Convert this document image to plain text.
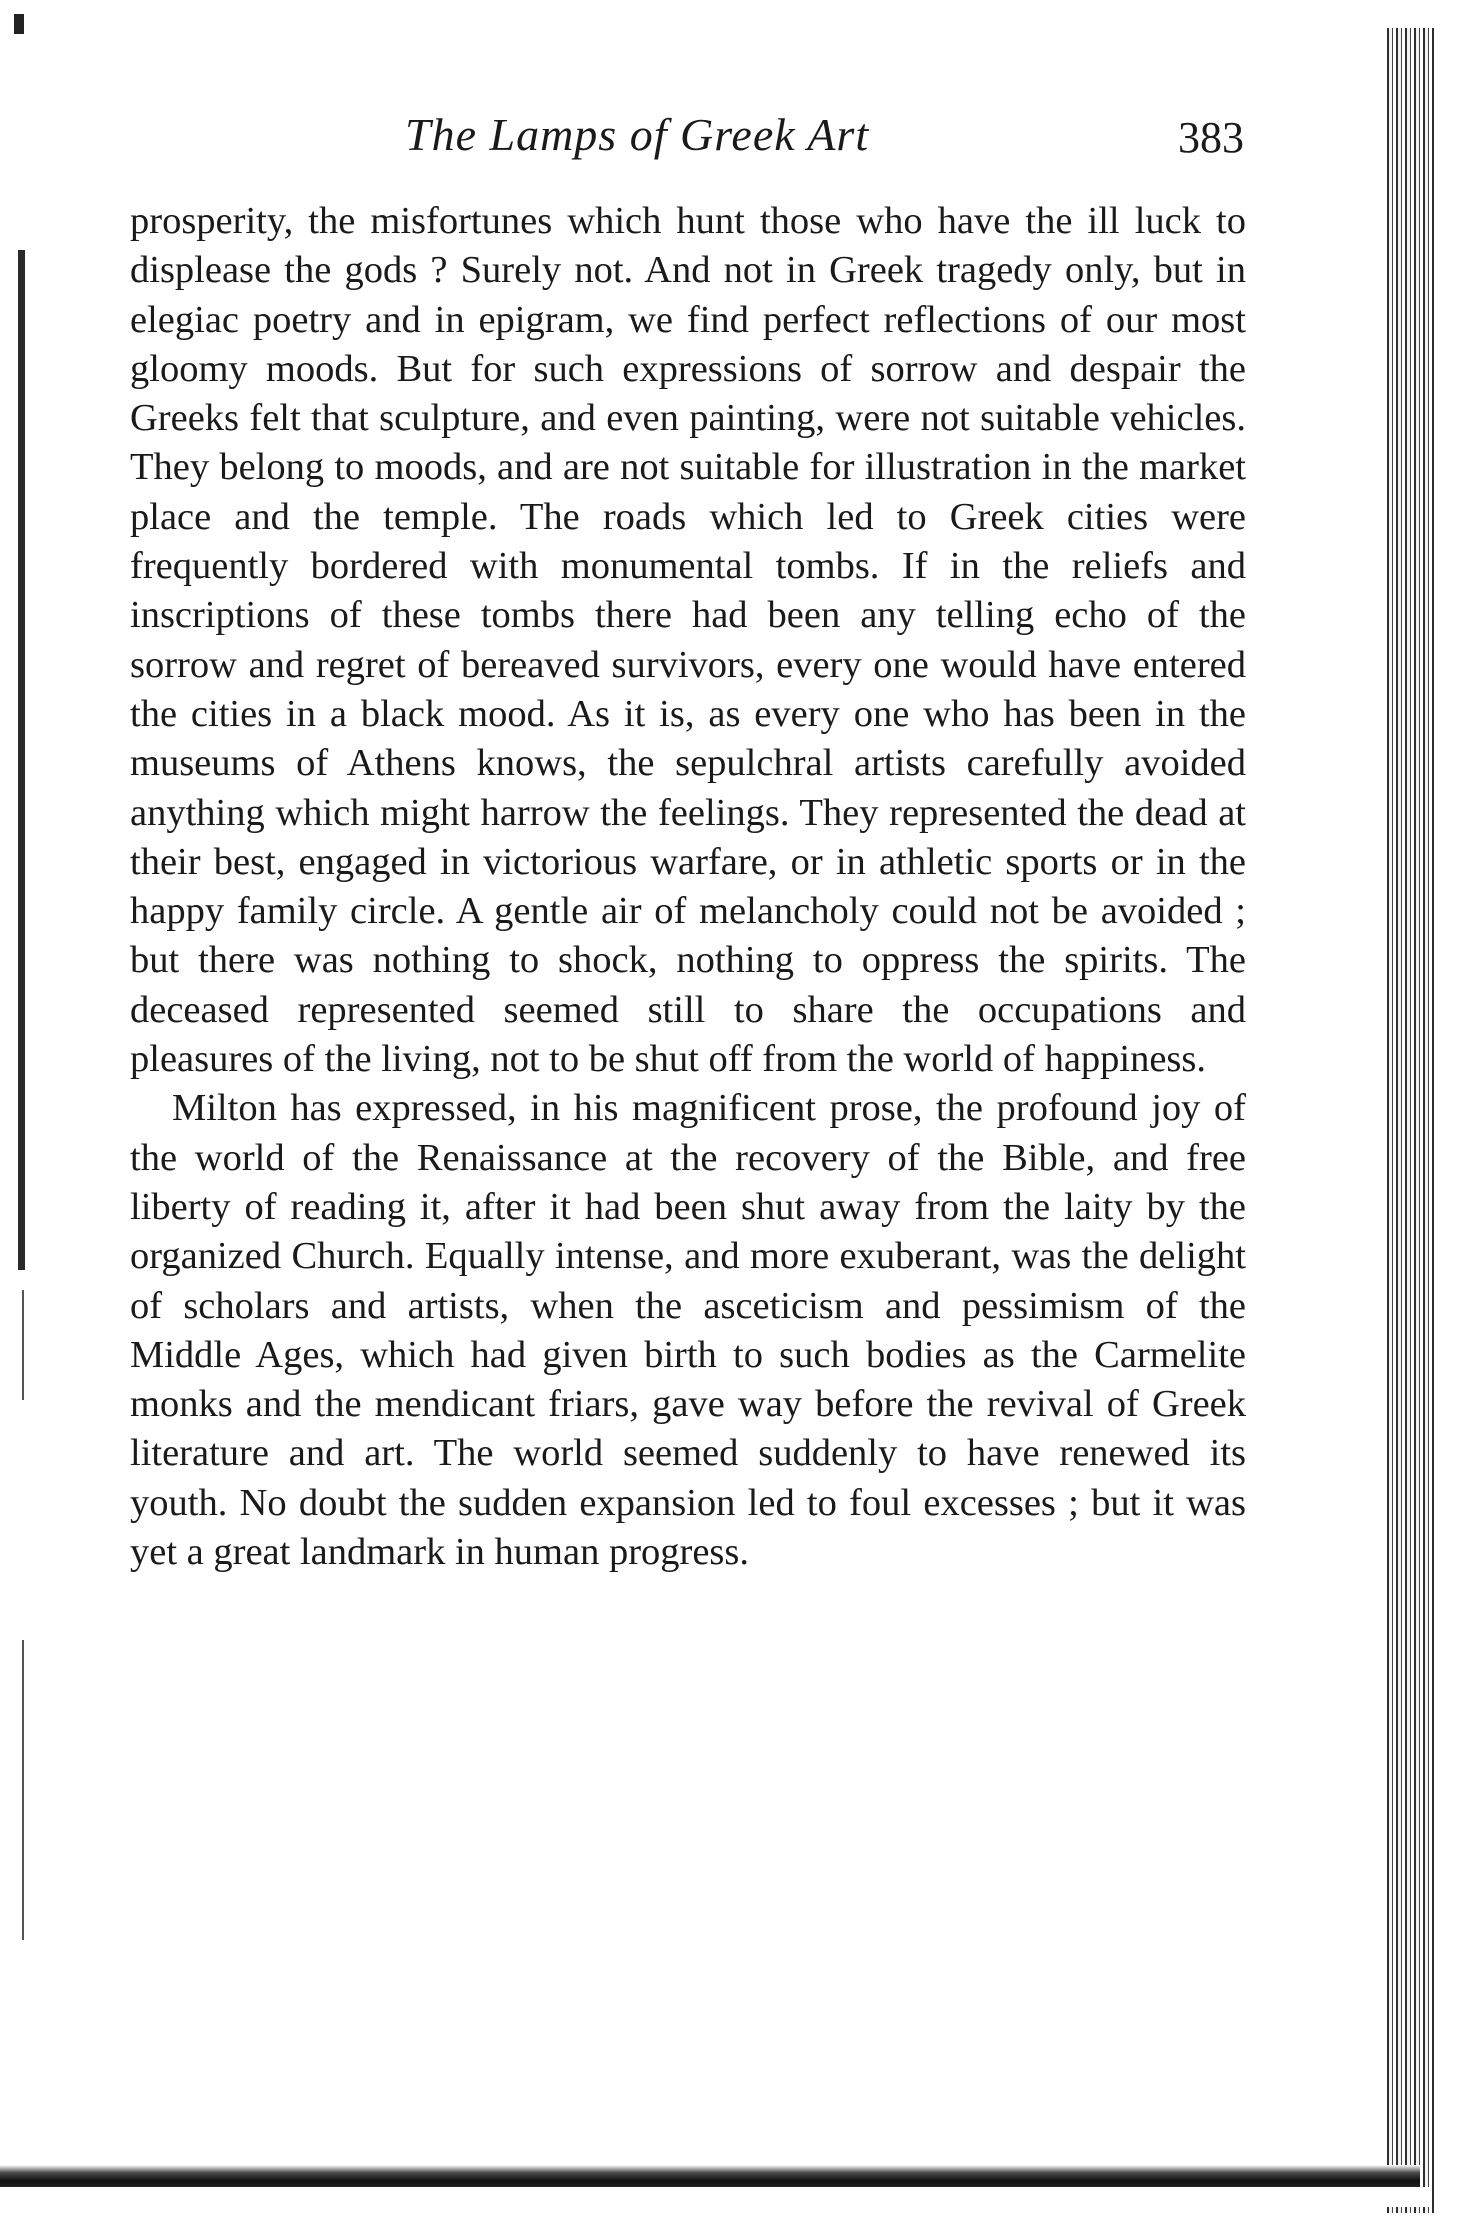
The Lamps of Greek Art	383

prosperity, the misfortunes which hunt those who have the ill luck to displease the gods ? Surely not. And not in Greek tragedy only, but in elegiac poetry and in epigram, we find perfect reflections of our most gloomy moods. But for such expressions of sorrow and despair the Greeks felt that sculpture, and even painting, were not suitable vehicles. They belong to moods, and are not suitable for illustration in the market place and the temple. The roads which led to Greek cities were frequently bordered with monumental tombs. If in the reliefs and inscriptions of these tombs there had been any telling echo of the sorrow and regret of bereaved survivors, every one would have entered the cities in a black mood. As it is, as every one who has been in the museums of Athens knows, the sepulchral artists carefully avoided anything which might harrow the feelings. They represented the dead at their best, engaged in victorious warfare, or in athletic sports or in the happy family circle. A gentle air of melancholy could not be avoided ; but there was nothing to shock, nothing to oppress the spirits. The deceased represented seemed still to share the occupations and pleasures of the living, not to be shut off from the world of happiness.

Milton has expressed, in his magnificent prose, the profound joy of the world of the Renaissance at the recovery of the Bible, and free liberty of reading it, after it had been shut away from the laity by the organized Church. Equally intense, and more exuberant, was the delight of scholars and artists, when the asceticism and pessimism of the Middle Ages, which had given birth to such bodies as the Carmelite monks and the mendicant friars, gave way before the revival of Greek literature and art. The world seemed suddenly to have renewed its youth. No doubt the sudden expansion led to foul excesses ; but it was yet a great landmark in human progress.
